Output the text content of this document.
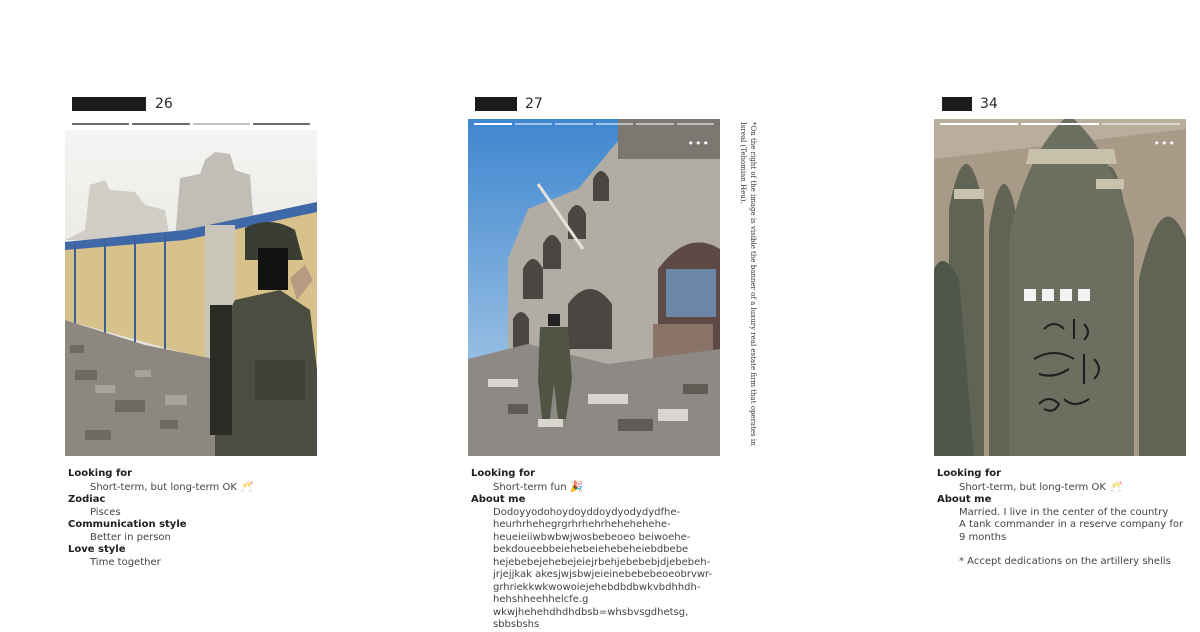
26
Looking for
Short-term, but long-term OK 🥂
Zodiac
Pisces
Communication style
Better in person
Love style
Time together
27
•••	*On the right of the image is visible the banner of a luxury real estate firm that operates in Isreal (Tehomian Heu).
Looking for
Short-term fun 🎉
About me
Dodoyyodohoydoyddoydyodydydfhe-
heurhrhehegrgrhrhehrhehehehehe-
heueieiiwbwbwjwosbebeoeo beiwoehe-
bekdoueebbeiehebeiehebeheiebdbebe
hejebebejehebejeiejrbehjebebebjdjebebeh-
jrjejjkak akesjwjsbwjeieinebebebeoeobrvwr-
grhriekkwkwowoiejehebdbdbwkvbdhhdh-
hehshheehhelcfe.g
wkwjhehehdhdhdbsb=whsbvsgdhetsg,
sbbsbshs
34
•••
Looking for
Short-term, but long-term OK 🥂
About me
Married. I live in the center of the country
A tank commander in a reserve company for
9 months
* Accept dedications on the artillery shells
